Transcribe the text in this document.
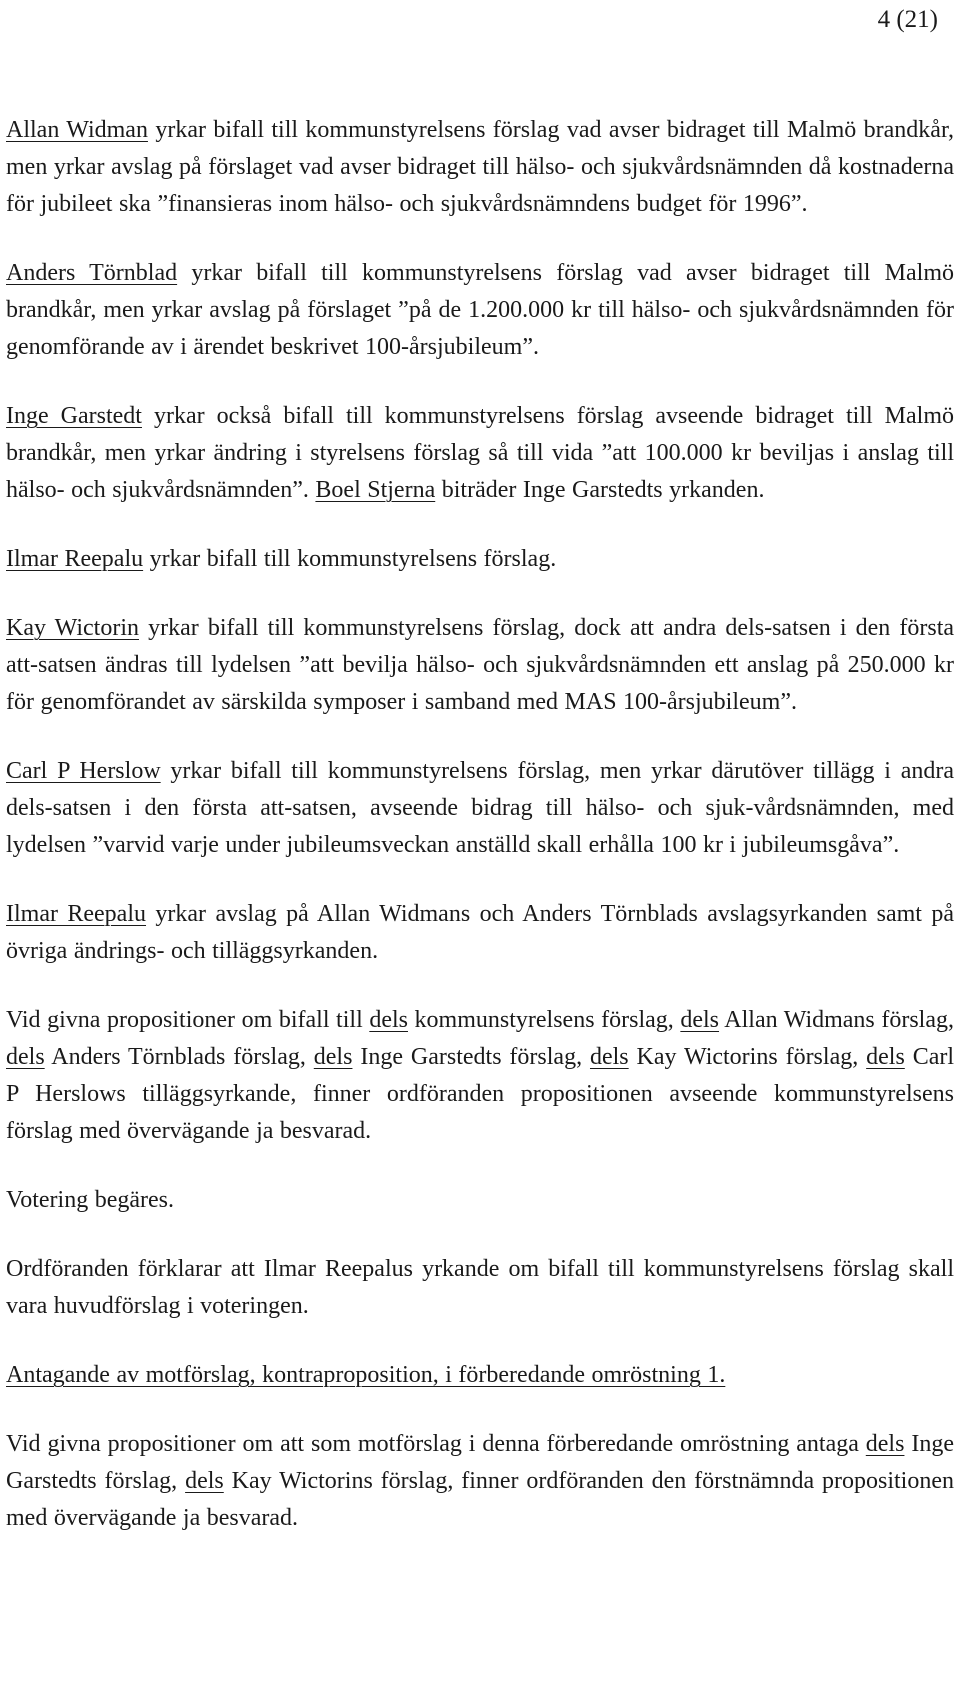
4 (21)

Allan Widman yrkar bifall till kommunstyrelsens förslag vad avser bidraget till Malmö brandkår, men yrkar avslag på förslaget vad avser bidraget till hälso- och sjukvårdsnämnden då kostnaderna för jubileet ska ”finansieras inom hälso- och sjukvårdsnämndens budget för 1996”.

Anders Törnblad yrkar bifall till kommunstyrelsens förslag vad avser bidraget till Malmö brandkår, men yrkar avslag på förslaget ”på de 1.200.000 kr till hälso- och sjukvårdsnämnden för genomförande av i ärendet beskrivet 100-årsjubileum”.

Inge Garstedt yrkar också bifall till kommunstyrelsens förslag avseende bidraget till Malmö brandkår, men yrkar ändring i styrelsens förslag så till vida ”att 100.000 kr beviljas i anslag till hälso- och sjukvårdsnämnden”. Boel Stjerna biträder Inge Garstedts yrkanden.

Ilmar Reepalu yrkar bifall till kommunstyrelsens förslag.

Kay Wictorin yrkar bifall till kommunstyrelsens förslag, dock att andra dels-satsen i den första att-satsen ändras till lydelsen ”att bevilja hälso- och sjukvårdsnämnden ett anslag på 250.000 kr för genomförandet av särskilda symposer i samband med MAS 100-årsjubileum”.

Carl P Herslow yrkar bifall till kommunstyrelsens förslag, men yrkar därutöver tillägg i andra dels-satsen i den första att-satsen, avseende bidrag till hälso- och sjuk-vårdsnämnden, med lydelsen ”varvid varje under jubileumsveckan anställd skall erhålla 100 kr i jubileumsgåva”.

Ilmar Reepalu yrkar avslag på Allan Widmans och Anders Törnblads avslagsyrkanden samt på övriga ändrings- och tilläggsyrkanden.

Vid givna propositioner om bifall till dels kommunstyrelsens förslag, dels Allan Widmans förslag, dels Anders Törnblads förslag, dels Inge Garstedts förslag, dels Kay Wictorins förslag, dels Carl P Herslows tilläggsyrkande, finner ordföranden propositionen avseende kommunstyrelsens förslag med övervägande ja besvarad.

Votering begäres.

Ordföranden förklarar att Ilmar Reepalus yrkande om bifall till kommunstyrelsens förslag skall vara huvudförslag i voteringen.

Antagande av motförslag, kontraproposition, i förberedande omröstning 1.

Vid givna propositioner om att som motförslag i denna förberedande omröstning antaga dels Inge Garstedts förslag, dels Kay Wictorins förslag, finner ordföranden den förstnämnda propositionen med övervägande ja besvarad.
